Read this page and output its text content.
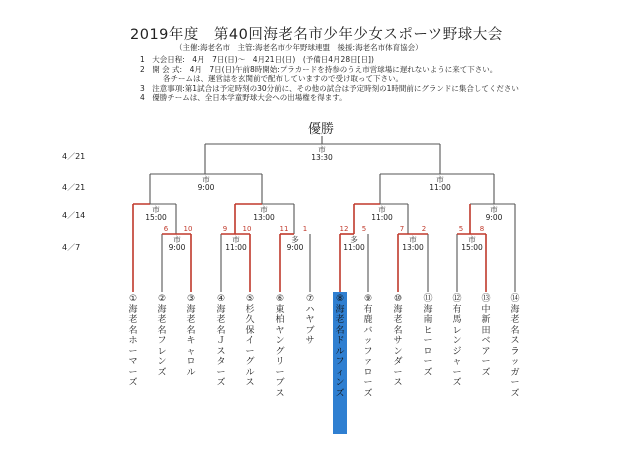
2019年度　第40回海老名市少年少女スポーツ野球大会
（主催:海老名市　主管:海老名市少年野球連盟　後援:海老名市体育協会）
1　大会日程:　4月　7日(日)～　4月21日(日)　(予備日4月28日[日])
2　開 会 式:　4月　7日(日)午前8時開始:プラカードを持参のうえ市営球場に遅れないように来て下さい。
　　各チームは、運営誌を玄関前で配布していますので受け取って下さい。
3　注意事項:第1試合は予定時刻の30分前に、その他の試合は予定時刻の1時間前にグランドに集合してください
4　優勝チームは、全日本学童野球大会への出場権を得ます。
優勝
4／21
4／21
4／14
4／7
市
13:30
市
9:00
市
11:00
市
15:00
市
13:00
市
11:00
市
9:00
市
9:00
市
11:00
多
9:00
多
11:00
市
13:00
市
15:00
6 10	9 10	11 1	12 5	7	2	5 8
①
海
老
名
ホ
ー
マ
ー
ズ
②
海
老
名
フ
レ
ン
ズ
③
海
老
名
キ
ャ
ロ
ル
④
海
老
名
Ｊ
ス
タ
ー
ズ
⑤
杉
久
保
イ
ー
グ
ル
ス
⑥
東
柏
ヤ
ン
グ
リ
ー
ブ
ス
⑦
ハ
ヤ
ブ
サ
⑧
海
老
名
ド
ル
フ
ィ
ン
ズ
⑨
有
鹿
バ
ッ
フ
ァ
ロ
ー
ズ
⑩
海
老
名
サ
ン
ダ
ー
ス
⑪
海
南
ヒ
ー
ロ
ー
ズ
⑫
有
馬
レ
ン
ジ
ャ
ー
ズ
⑬
中
新
田
ベ
ア
ー
ズ
⑭
海
老
名
ス
ラ
ッ
ガ
ー
ズ
